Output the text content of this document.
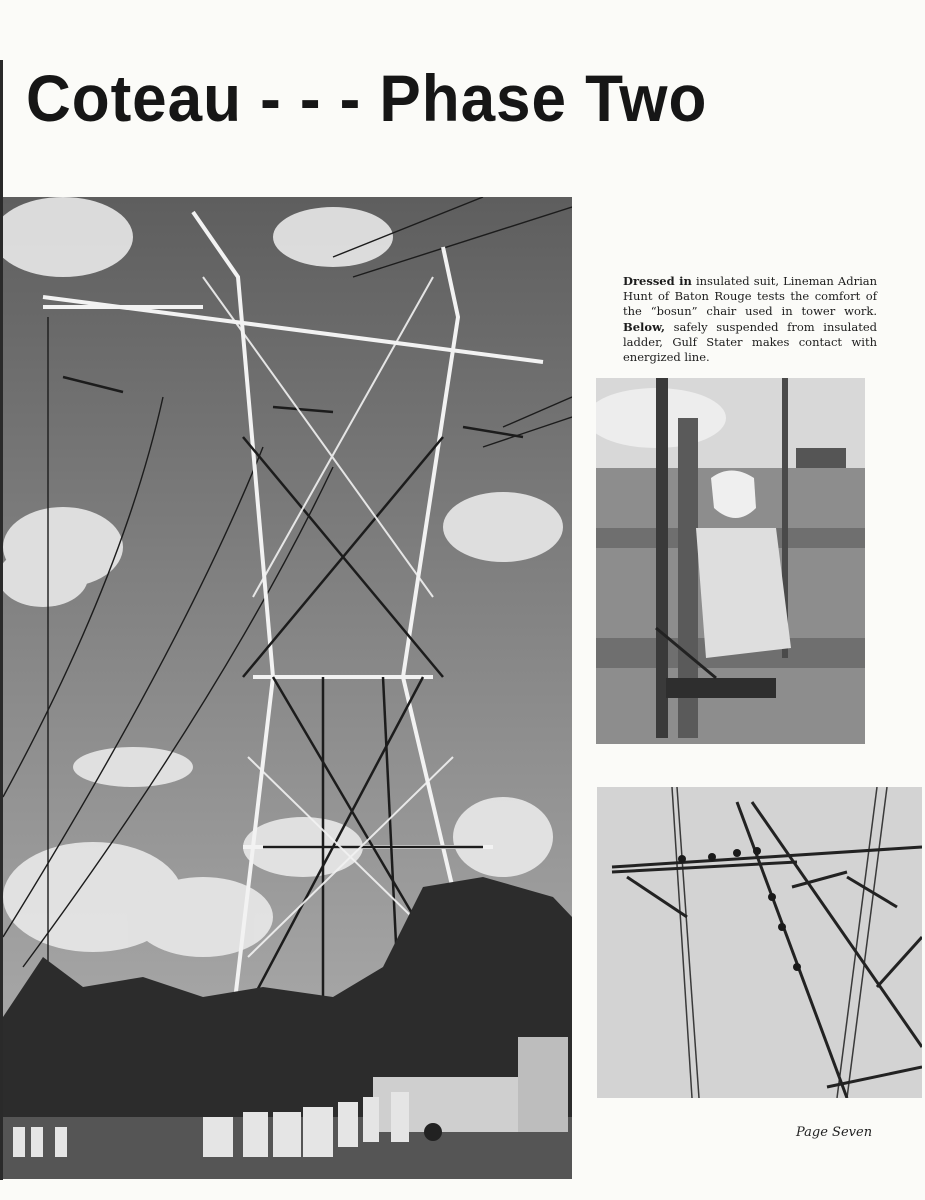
Coteau - - - Phase Two

Dressed in insulated suit, Lineman Adrian Hunt of Baton Rouge tests the comfort of the “bosun” chair used in tower work. Below, safely suspended from insulated ladder, Gulf Stater makes contact with energized line.

Page Seven
